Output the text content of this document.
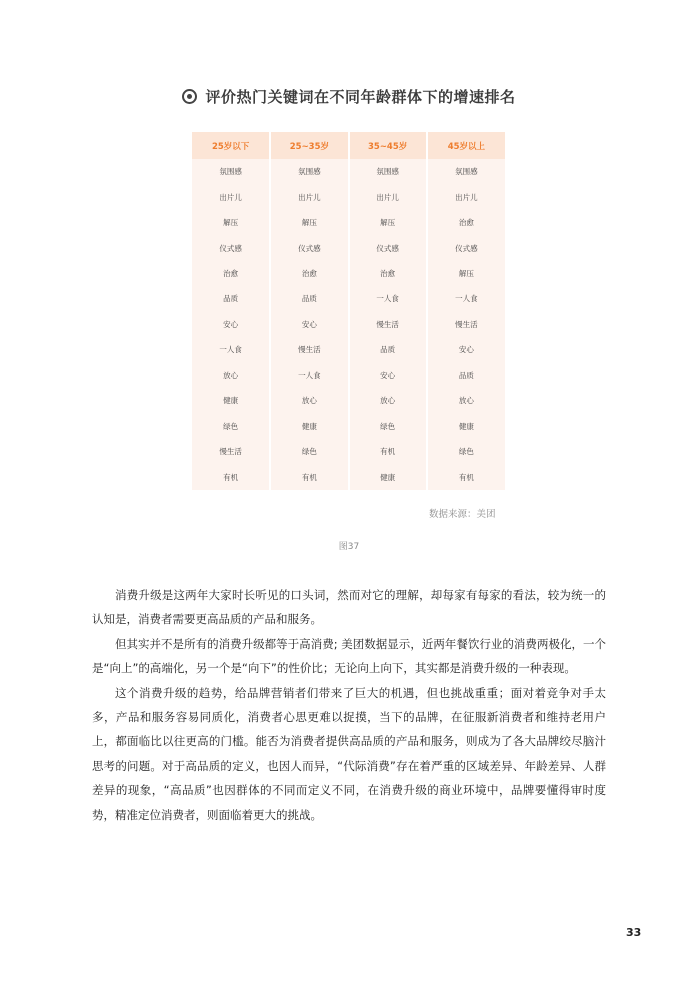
评价热门关键词在不同年龄群体下的增速排名
25岁以下	25~35岁	35~45岁	45岁以上
氛围感	氛围感	氛围感	氛围感
出片儿	出片儿	出片儿	出片儿
解压	解压	解压	治愈
仪式感	仪式感	仪式感	仪式感
治愈	治愈	治愈	解压
品质	品质	一人食	一人食
安心	安心	慢生活	慢生活
一人食	慢生活	品质	安心
放心	一人食	安心	品质
健康	放心	放心	放心
绿色	健康	绿色	健康
慢生活	绿色	有机	绿色
有机	有机	健康	有机
数据来源：美团
图37

消费升级是这两年大家时长听见的口头词，然而对它的理解，却每家有每家的看法，较为统一的认知是，消费者需要更高品质的产品和服务。

但其实并不是所有的消费升级都等于高消费; 美团数据显示，近两年餐饮行业的消费两极化，一个是“向上”的高端化，另一个是“向下”的性价比；无论向上向下，其实都是消费升级的一种表现。

这个消费升级的趋势，给品牌营销者们带来了巨大的机遇，但也挑战重重；面对着竞争对手太多，产品和服务容易同质化，消费者心思更难以捉摸，当下的品牌，在征服新消费者和维持老用户上，都面临比以往更高的门槛。能否为消费者提供高品质的产品和服务，则成为了各大品牌绞尽脑汁思考的问题。对于高品质的定义，也因人而异，“代际消费”存在着严重的区域差异、年龄差异、人群差异的现象，“高品质”也因群体的不同而定义不同，在消费升级的商业环境中，品牌要懂得审时度势，精准定位消费者，则面临着更大的挑战。

33
